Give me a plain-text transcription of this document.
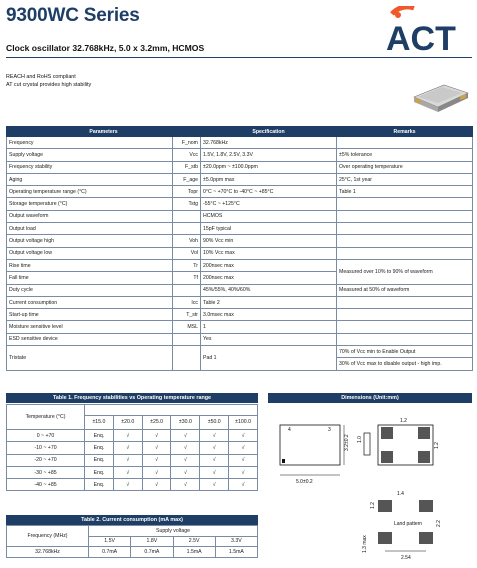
9300WC Series
Clock oscillator 32.768kHz, 5.0 x 3.2mm, HCMOS
REACH and RoHS compliant
AT cut crystal provides high stability
ACT
Parameters		Specification	Remarks
Frequency	F_nom	32.768kHz	
Supply voltage	Vcc	1.5V, 1.8V, 2.5V, 3.3V	±5% tolerance
Frequency stability	F_stb	±20.0ppm ~ ±100.0ppm	Over operating temperature
Aging	F_age	±5.0ppm max	25°C, 1st year
Operating temperature range (°C)	Topr	0°C ~ +70°C to -40°C ~ +85°C	Table 1
Storage temperature (°C)	Tstg	-55°C ~ +125°C	
Output waveform		HCMOS	
Output load		15pF typical	
Output voltage high	Voh	90% Vcc min	
Output voltage low	Vol	10% Vcc max	
Rise time	Tr	200nsec max	Measured over 10% to 90% of waveform
Fall time	Tf	200nsec max	
Duty cycle		45%/55%, 40%/60%	Measured at 50% of waveform
Current consumption	Icc	Table 2	
Start-up time	T_str	3.0msec max	
Moisture sensitive level	MSL	1	
ESD sensitive device		Yes	
Tristate		Pad 1	70% of Vcc min to Enable Output
			30% of Vcc max to disable output - high imp.
Table 1. Frequency stabilities vs Operating temperature range
Temperature (°C)						
	±15.0	±20.0	±25.0	±30.0	±50.0	±100.0
0 ~ +70	Enq.	√	√	√	√	√
-10 ~ +70	Enq.	√	√	√	√	√
-20 ~ +70	Enq.	√	√	√	√	√
-30 ~ +85	Enq.	√	√	√	√	√
-40 ~ +85	Enq.	√	√	√	√	√
Table 2. Current consumption (mA max)
Frequency (MHz)	Supply voltage			
	1.5V	1.8V	2.5V	3.3V
32.768kHz	0.7mA	0.7mA	1.5mA	1.5mA
Dimensions (Unit:mm)
4	3
5.0±0.2
3.2±0.2 1.0
1.2
1.2
Land pattern
1.4
1.2
2.2
2.54
1.3 max
